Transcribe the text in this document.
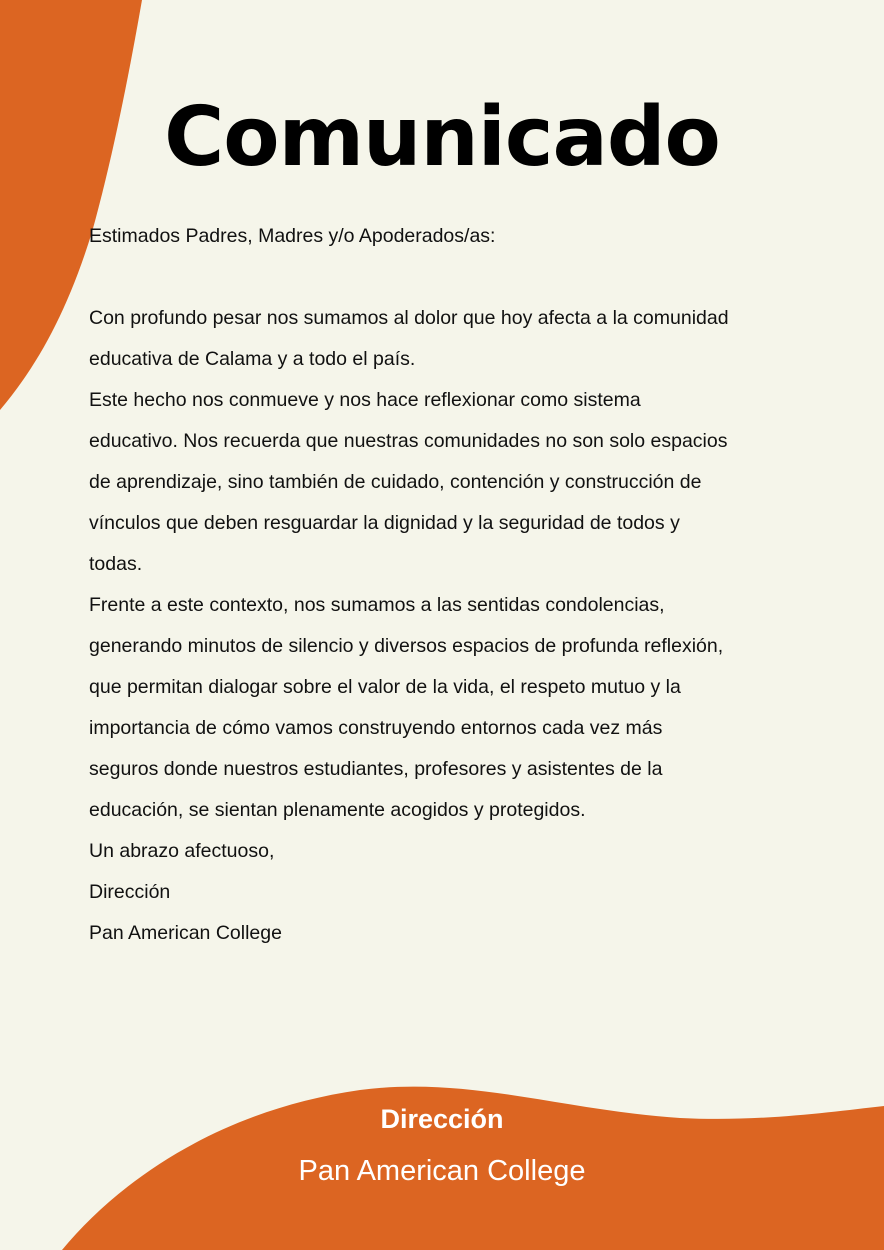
Comunicado

Estimados Padres, Madres y/o Apoderados/as:

Con profundo pesar nos sumamos al dolor que hoy afecta a la comunidad

educativa de Calama y a todo el país.

Este hecho nos conmueve y nos hace reflexionar como sistema

educativo. Nos recuerda que nuestras comunidades no son solo espacios

de aprendizaje, sino también de cuidado, contención y construcción de

vínculos que deben resguardar la dignidad y la seguridad de todos y

todas.

Frente a este contexto, nos sumamos a las sentidas condolencias,

generando minutos de silencio y diversos espacios de profunda reflexión,

que permitan dialogar sobre el valor de la vida, el respeto mutuo y la

importancia de cómo vamos construyendo entornos cada vez más

seguros donde nuestros estudiantes, profesores y asistentes de la

educación, se sientan plenamente acogidos y protegidos.

Un abrazo afectuoso,

Dirección

Pan American College

Dirección
Pan American College
